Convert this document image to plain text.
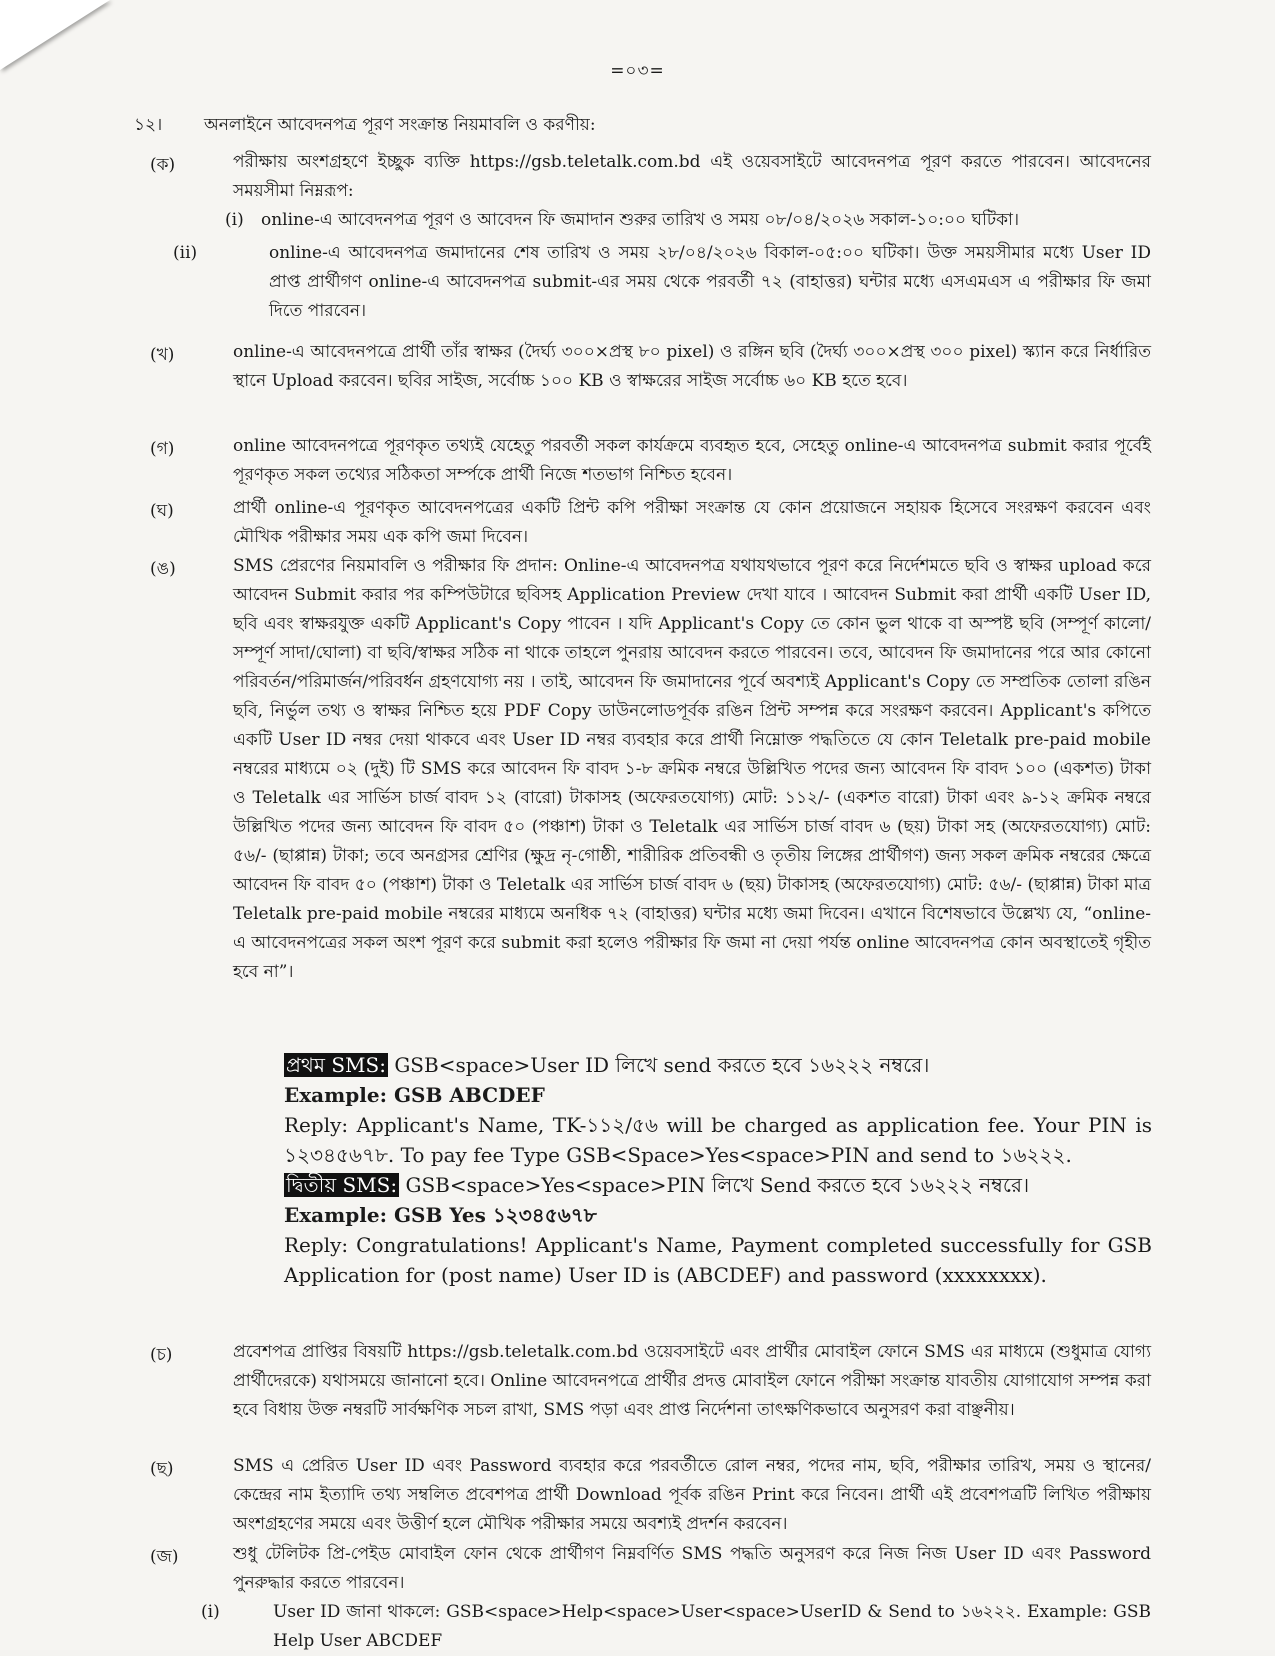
=০৩=
১২। অনলাইনে আবেদনপত্র পূরণ সংক্রান্ত নিয়মাবলি ও করণীয়:
(ক)	পরীক্ষায় অংশগ্রহণে ইচ্ছুক ব্যক্তি https://gsb.teletalk.com.bd এই ওয়েবসাইটে আবেদনপত্র পূরণ করতে পারবেন। আবেদনের সময়সীমা নিম্নরূপ:

(i) online-এ আবেদনপত্র পূরণ ও আবেদন ফি জমাদান শুরুর তারিখ ও সময় ০৮/০৪/২০২৬ সকাল-১০:০০ ঘটিকা।

(ii)	online-এ আবেদনপত্র জমাদানের শেষ তারিখ ও সময় ২৮/০৪/২০২৬ বিকাল-০৫:০০ ঘটিকা। উক্ত সময়সীমার মধ্যে User ID প্রাপ্ত প্রার্থীগণ online-এ আবেদনপত্র submit-এর সময় থেকে পরবর্তী ৭২ (বাহাত্তর) ঘন্টার মধ্যে এসএমএস এ পরীক্ষার ফি জমা দিতে পারবেন।

(খ)	online-এ আবেদনপত্রে প্রার্থী তাঁর স্বাক্ষর (দৈর্ঘ্য ৩০০×প্রস্থ ৮০ pixel) ও রঙ্গিন ছবি (দৈর্ঘ্য ৩০০×প্রস্থ ৩০০ pixel) স্ক্যান করে নির্ধারিত স্থানে Upload করবেন। ছবির সাইজ, সর্বোচ্চ ১০০ KB ও স্বাক্ষরের সাইজ সর্বোচ্চ ৬০ KB হতে হবে।
(গ)	online আবেদনপত্রে পূরণকৃত তথ্যই যেহেতু পরবর্তী সকল কার্যক্রমে ব্যবহৃত হবে, সেহেতু online-এ আবেদনপত্র submit করার পূর্বেই পূরণকৃত সকল তথ্যের সঠিকতা সর্ম্পকে প্রার্থী নিজে শতভাগ নিশ্চিত হবেন।
(ঘ)	প্রার্থী online-এ পূরণকৃত আবেদনপত্রের একটি প্রিন্ট কপি পরীক্ষা সংক্রান্ত যে কোন প্রয়োজনে সহায়ক হিসেবে সংরক্ষণ করবেন এবং মৌখিক পরীক্ষার সময় এক কপি জমা দিবেন।
(ঙ)	SMS প্রেরণের নিয়মাবলি ও পরীক্ষার ফি প্রদান: Online-এ আবেদনপত্র যথাযথভাবে পূরণ করে নির্দেশমতে ছবি ও স্বাক্ষর upload করে আবেদন Submit করার পর কম্পিউটারে ছবিসহ Application Preview দেখা যাবে । আবেদন Submit করা প্রার্থী একটি User ID, ছবি এবং স্বাক্ষরযুক্ত একটি Applicant's Copy পাবেন । যদি Applicant's Copy তে কোন ভুল থাকে বা অস্পষ্ট ছবি (সম্পূর্ণ কালো/সম্পূর্ণ সাদা/ঘোলা) বা ছবি/স্বাক্ষর সঠিক না থাকে তাহলে পুনরায় আবেদন করতে পারবেন। তবে, আবেদন ফি জমাদানের পরে আর কোনো পরিবর্তন/পরিমার্জন/পরিবর্ধন গ্রহণযোগ্য নয় । তাই, আবেদন ফি জমাদানের পূর্বে অবশ্যই Applicant's Copy তে সম্প্রতিক তোলা রঙিন ছবি, নির্ভুল তথ্য ও স্বাক্ষর নিশ্চিত হয়ে PDF Copy ডাউনলোডপূর্বক রঙিন প্রিন্ট সম্পন্ন করে সংরক্ষণ করবেন। Applicant's কপিতে একটি User ID নম্বর দেয়া থাকবে এবং User ID নম্বর ব্যবহার করে প্রার্থী নিম্নোক্ত পদ্ধতিতে যে কোন Teletalk pre-paid mobile নম্বরের মাধ্যমে ০২ (দুই) টি SMS করে আবেদন ফি বাবদ ১-৮ ক্রমিক নম্বরে উল্লিখিত পদের জন্য আবেদন ফি বাবদ ১০০ (একশত) টাকা ও Teletalk এর সার্ভিস চার্জ বাবদ ১২ (বারো) টাকাসহ (অফেরতযোগ্য) মোট: ১১২/- (একশত বারো) টাকা এবং ৯-১২ ক্রমিক নম্বরে উল্লিখিত পদের জন্য আবেদন ফি বাবদ ৫০ (পঞ্চাশ) টাকা ও Teletalk এর সার্ভিস চার্জ বাবদ ৬ (ছয়) টাকা সহ (অফেরতযোগ্য) মোট: ৫৬/- (ছাপ্পান্ন) টাকা; তবে অনগ্রসর শ্রেণির (ক্ষুদ্র নৃ-গোষ্ঠী, শারীরিক প্রতিবন্ধী ও তৃতীয় লিঙ্গের প্রার্থীগণ) জন্য সকল ক্রমিক নম্বরের ক্ষেত্রে আবেদন ফি বাবদ ৫০ (পঞ্চাশ) টাকা ও Teletalk এর সার্ভিস চার্জ বাবদ ৬ (ছয়) টাকাসহ (অফেরতযোগ্য) মোট: ৫৬/- (ছাপ্পান্ন) টাকা মাত্র Teletalk pre-paid mobile নম্বরের মাধ্যমে অনধিক ৭২ (বাহাত্তর) ঘন্টার মধ্যে জমা দিবেন। এখানে বিশেষভাবে উল্লেখ্য যে, “online-এ আবেদনপত্রের সকল অংশ পূরণ করে submit করা হলেও পরীক্ষার ফি জমা না দেয়া পর্যন্ত online আবেদনপত্র কোন অবস্থাতেই গৃহীত হবে না”।

প্রথম SMS: GSB<space>User ID লিখে send করতে হবে ১৬২২২ নম্বরে।

Example: GSB ABCDEF

Reply: Applicant's Name, TK-১১২/৫৬ will be charged as application fee. Your PIN is ১২৩৪৫৬৭৮. To pay fee Type GSB<Space>Yes<space>PIN and send to ১৬২২২.

দ্বিতীয় SMS: GSB<space>Yes<space>PIN লিখে Send করতে হবে ১৬২২২ নম্বরে।

Example: GSB Yes ১২৩৪৫৬৭৮

Reply: Congratulations! Applicant's Name, Payment completed successfully for GSB Application for (post name) User ID is (ABCDEF) and password (xxxxxxxx).

(চ)	প্রবেশপত্র প্রাপ্তির বিষয়টি https://gsb.teletalk.com.bd ওয়েবসাইটে এবং প্রার্থীর মোবাইল ফোনে SMS এর মাধ্যমে (শুধুমাত্র যোগ্য প্রার্থীদেরকে) যথাসময়ে জানানো হবে। Online আবেদনপত্রে প্রার্থীর প্রদত্ত মোবাইল ফোনে পরীক্ষা সংক্রান্ত যাবতীয় যোগাযোগ সম্পন্ন করা হবে বিধায় উক্ত নম্বরটি সার্বক্ষণিক সচল রাখা, SMS পড়া এবং প্রাপ্ত নির্দেশনা তাৎক্ষণিকভাবে অনুসরণ করা বাঞ্ছনীয়।
(ছ)	SMS এ প্রেরিত User ID এবং Password ব্যবহার করে পরবর্তীতে রোল নম্বর, পদের নাম, ছবি, পরীক্ষার তারিখ, সময় ও স্থানের/কেন্দ্রের নাম ইত্যাদি তথ্য সম্বলিত প্রবেশপত্র প্রার্থী Download পূর্বক রঙিন Print করে নিবেন। প্রার্থী এই প্রবেশপত্রটি লিখিত পরীক্ষায় অংশগ্রহণের সময়ে এবং উত্তীর্ণ হলে মৌখিক পরীক্ষার সময়ে অবশ্যই প্রদর্শন করবেন।
(জ)	শুধু টেলিটক প্রি-পেইড মোবাইল ফোন থেকে প্রার্থীগণ নিম্নবর্ণিত SMS পদ্ধতি অনুসরণ করে নিজ নিজ User ID এবং Password পুনরুদ্ধার করতে পারবেন।

(i)	User ID জানা থাকলে: GSB<space>Help<space>User<space>UserID & Send to ১৬২২২. Example: GSB Help User ABCDEF
